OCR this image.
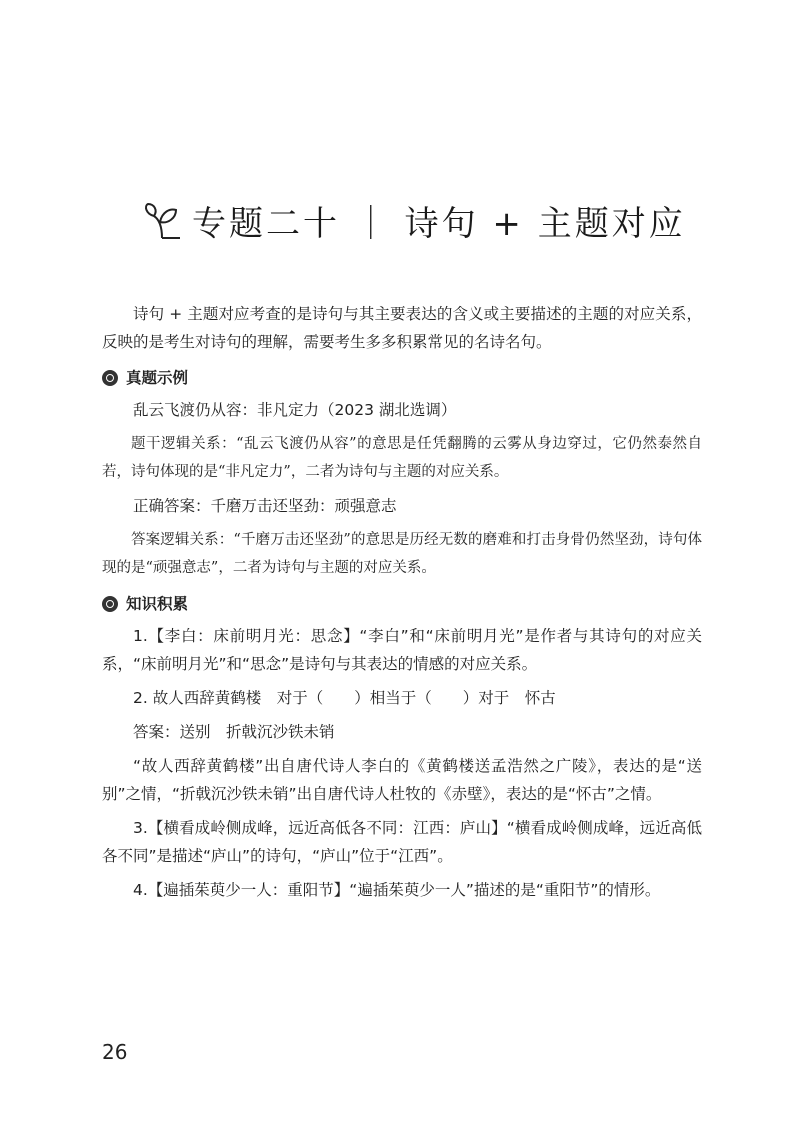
专题二十 ｜ 诗句 + 主题对应

诗句 + 主题对应考查的是诗句与其主要表达的含义或主要描述的主题的对应关系，反映的是考生对诗句的理解，需要考生多多积累常见的名诗名句。

真题示例

乱云飞渡仍从容：非凡定力（2023 湖北选调）

题干逻辑关系：“乱云飞渡仍从容”的意思是任凭翻腾的云雾从身边穿过，它仍然泰然自若，诗句体现的是“非凡定力”，二者为诗句与主题的对应关系。

正确答案：千磨万击还坚劲：顽强意志

答案逻辑关系：“千磨万击还坚劲”的意思是历经无数的磨难和打击身骨仍然坚劲，诗句体现的是“顽强意志”，二者为诗句与主题的对应关系。

知识积累

1.【李白：床前明月光：思念】“李白”和“床前明月光”是作者与其诗句的对应关系，“床前明月光”和“思念”是诗句与其表达的情感的对应关系。

2. 故人西辞黄鹤楼　对于（　　）相当于（　　）对于　怀古

答案：送别　折戟沉沙铁未销

“故人西辞黄鹤楼”出自唐代诗人李白的《黄鹤楼送孟浩然之广陵》，表达的是“送别”之情，“折戟沉沙铁未销”出自唐代诗人杜牧的《赤壁》，表达的是“怀古”之情。

3.【横看成岭侧成峰，远近高低各不同：江西：庐山】“横看成岭侧成峰，远近高低各不同”是描述“庐山”的诗句，“庐山”位于“江西”。

4.【遍插茱萸少一人：重阳节】“遍插茱萸少一人”描述的是“重阳节”的情形。

26
